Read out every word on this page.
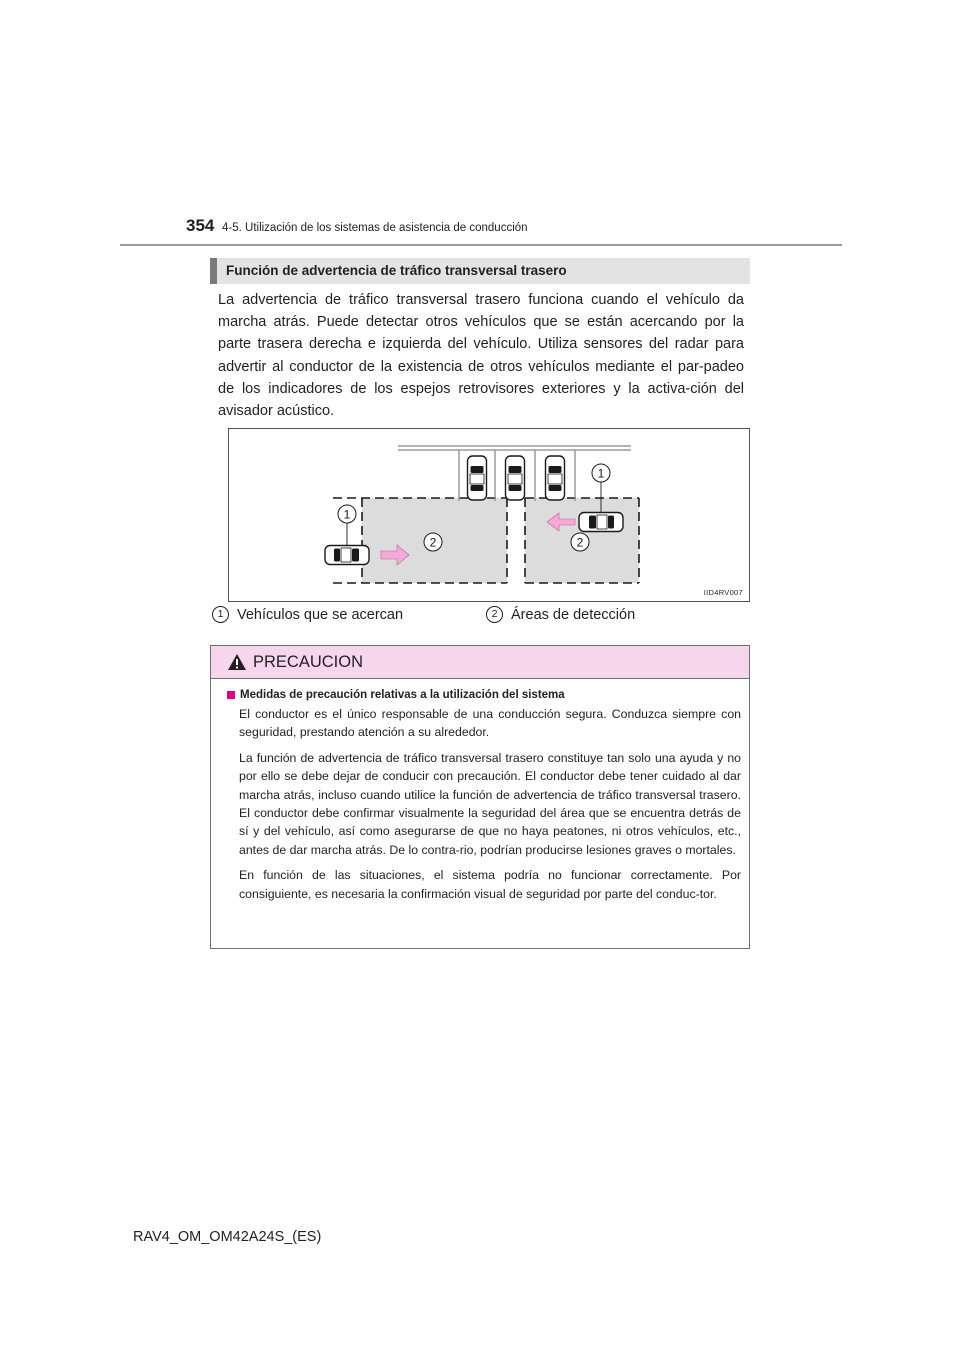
354 4-5. Utilización de los sistemas de asistencia de conducción
Función de advertencia de tráfico transversal trasero

La advertencia de tráfico transversal trasero funciona cuando el vehículo da marcha atrás. Puede detectar otros vehículos que se están acercando por la parte trasera derecha e izquierda del vehículo. Utiliza sensores del radar para advertir al conductor de la existencia de otros vehículos mediante el par-padeo de los indicadores de los espejos retrovisores exteriores y la activa-ción del avisador acústico.

1
2
1
2
IID4RV007
1 Vehículos que se acercan	2 Áreas de detección
PRECAUCION
Medidas de precaución relativas a la utilización del sistema

El conductor es el único responsable de una conducción segura. Conduzca siempre con seguridad, prestando atención a su alrededor.

La función de advertencia de tráfico transversal trasero constituye tan solo una ayuda y no por ello se debe dejar de conducir con precaución. El conductor debe tener cuidado al dar marcha atrás, incluso cuando utilice la función de advertencia de tráfico transversal trasero. El conductor debe confirmar visualmente la seguridad del área que se encuentra detrás de sí y del vehículo, así como asegurarse de que no haya peatones, ni otros vehículos, etc., antes de dar marcha atrás. De lo contra-rio, podrían producirse lesiones graves o mortales.

En función de las situaciones, el sistema podría no funcionar correctamente. Por consiguiente, es necesaria la confirmación visual de seguridad por parte del conduc-tor.

RAV4_OM_OM42A24S_(ES)
